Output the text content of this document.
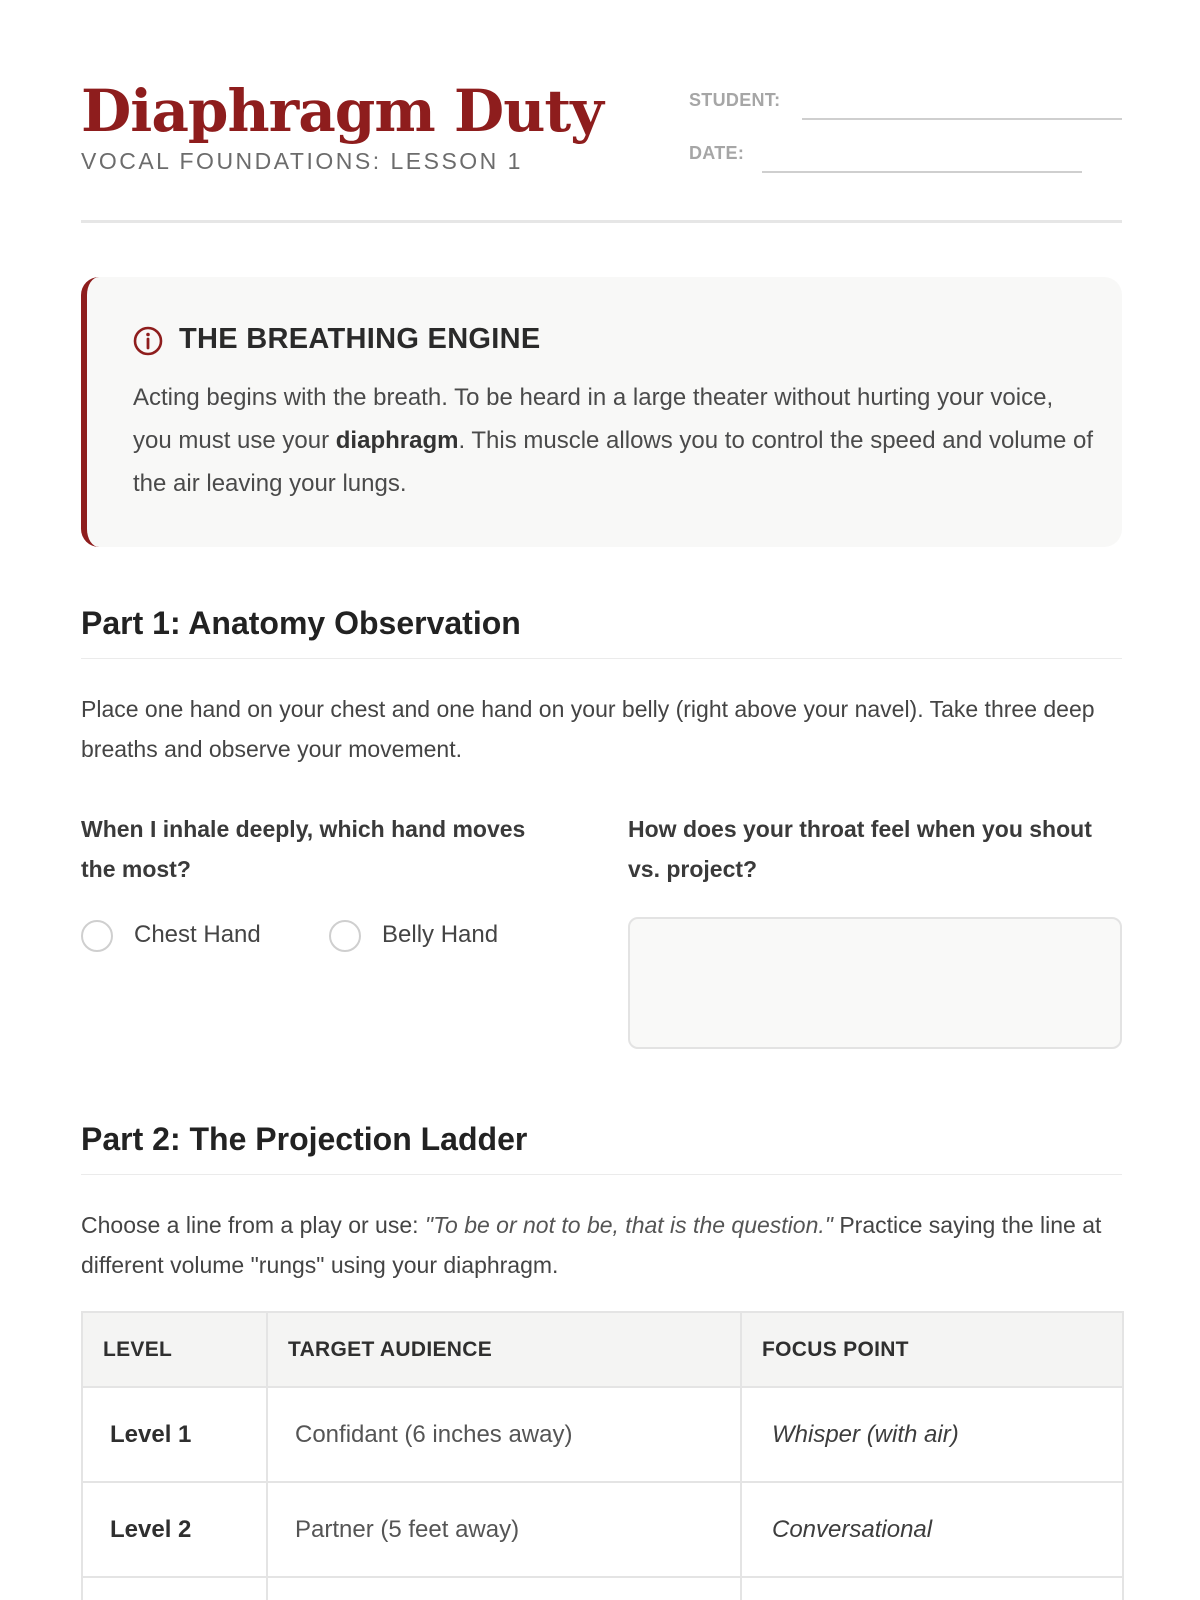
Diaphragm Duty
VOCAL FOUNDATIONS: LESSON 1
STUDENT:
DATE:
THE BREATHING ENGINE
Acting begins with the breath. To be heard in a large theater without hurting your voice, you must use your diaphragm. This muscle allows you to control the speed and volume of the air leaving your lungs.
Part 1: Anatomy Observation
Place one hand on your chest and one hand on your belly (right above your navel). Take three deep breaths and observe your movement.
When I inhale deeply, which hand moves the most?
Chest Hand	Belly Hand
How does your throat feel when you shout vs. project?
Part 2: The Projection Ladder
Choose a line from a play or use: "To be or not to be, that is the question." Practice saying the line at different volume "rungs" using your diaphragm.
LEVEL	TARGET AUDIENCE	FOCUS POINT
Level 1	Confidant (6 inches away)	Whisper (with air)
Level 2	Partner (5 feet away)	Conversational
